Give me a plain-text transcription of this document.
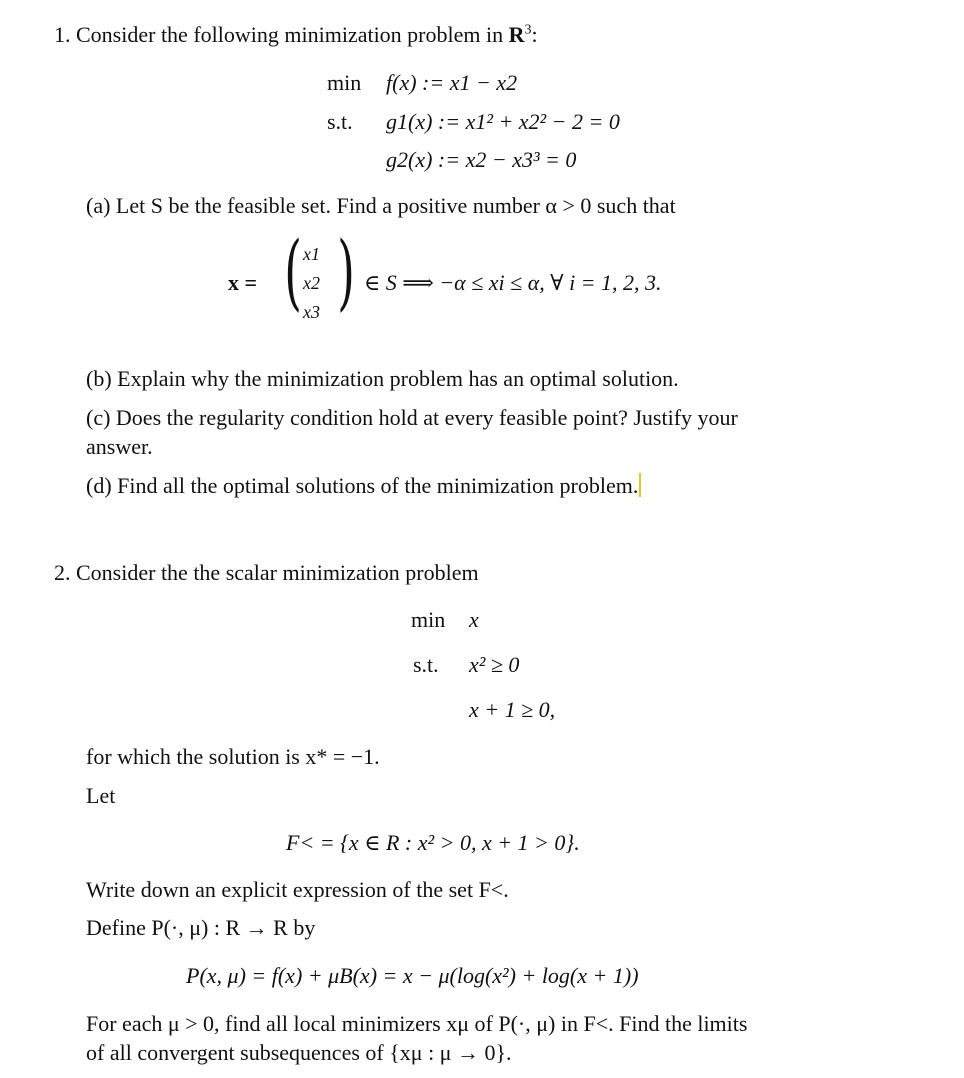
1. Consider the following minimization problem in $R^3$:
min f(x) := x1 − x2
s.t. g1(x) := x1² + x2² − 2 = 0
g2(x) := x2 − x3³ = 0
(a) Let S be the feasible set. Find a positive number α > 0 such that
x = ( x1
x2
x3 ) ∈ S ⟹ −α ≤ xi ≤ α, ∀ i = 1, 2, 3.
(b) Explain why the minimization problem has an optimal solution.
(c) Does the regularity condition hold at every feasible point? Justify your
answer.
(d) Find all the optimal solutions of the minimization problem.
2. Consider the the scalar minimization problem
min x
s.t. x² ≥ 0
x + 1 ≥ 0,
for which the solution is x* = −1.
Let
F< = {x ∈ R : x² > 0, x + 1 > 0}.
Write down an explicit expression of the set F<.
Define P(·, μ) : R → R by
P(x, μ) = f(x) + μB(x) = x − μ(log(x²) + log(x + 1))
For each μ > 0, find all local minimizers xμ of P(·, μ) in F<. Find the limits
of all convergent subsequences of {xμ : μ → 0}.
